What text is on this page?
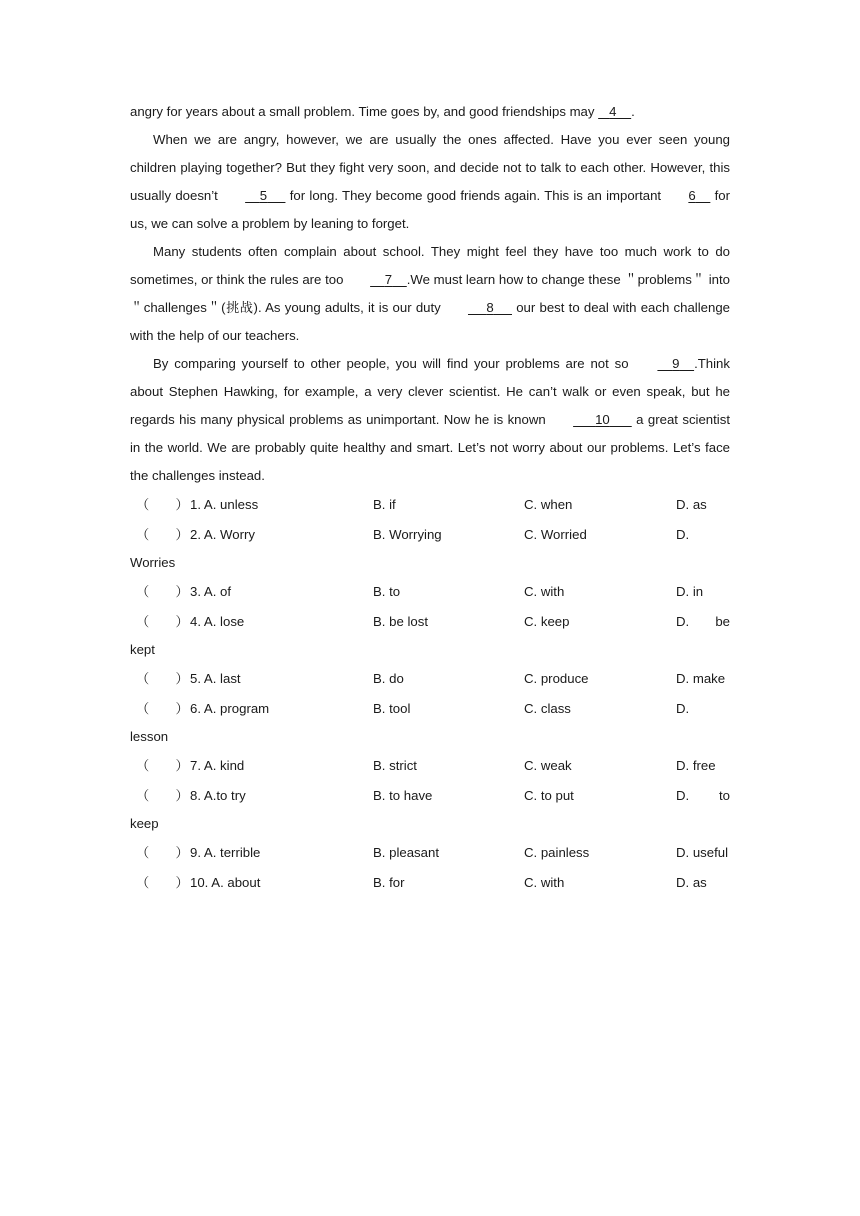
angry for years about a small problem. Time goes by, and good friendships may 4 .

When we are angry, however, we are usually the ones affected. Have you ever seen young children playing together? But they fight very soon, and decide not to talk to each other. However, this usually doesn’t	5 for long. They become good friends again. This is an important 6 for us, we can solve a problem by leaning to forget.

Many students often complain about school. They might feel they have too much work to do sometimes, or think the rules are too	7 .We must learn how to change these ＂problems＂ into ＂challenges＂(挑战). As young adults, it is our duty	8 our best to deal with each challenge with the help of our teachers.

By comparing yourself to other people, you will find your problems are not so	9 .Think about Stephen Hawking, for example, a very clever scientist. He can’t walk or even speak, but he regards his many physical problems as unimportant. Now he is known	10 a great scientist in the world. We are probably quite healthy and smart. Let’s not worry about our problems. Let’s face the challenges instead.

（　　） 1. A. unless	B. if	C. when	D. as
（　　） 2. A. Worry	B. Worrying	C. Worried	D.
Worries
（　　） 3. A. of	B. to	C. with	D. in
（　　） 4. A. lose	B. be lost	C. keep	D. be
kept
（　　） 5. A. last	B. do	C. produce	D. make
（　　） 6. A. program	B. tool	C. class	D.
lesson
（　　） 7. A. kind	B. strict	C. weak	D. free
（　　） 8. A.to try	B. to have	C. to put	D. to
keep
（　　） 9. A. terrible	B. pleasant	C. painless	D. useful
（　　） 10. A. about	B. for	C. with	D. as
